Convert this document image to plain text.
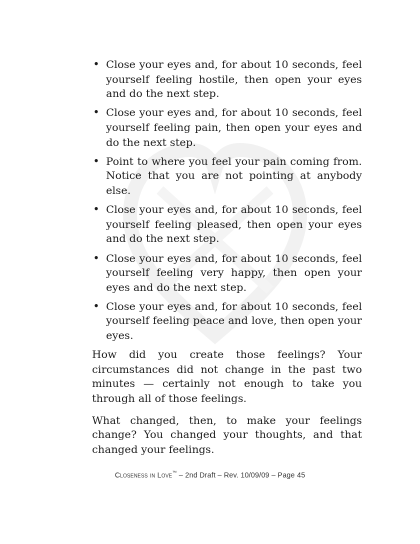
• Close your eyes and, for about 10 seconds, feel yourself feeling hostile, then open your eyes and do the next step.
• Close your eyes and, for about 10 seconds, feel yourself feeling pain, then open your eyes and do the next step.
• Point to where you feel your pain coming from. Notice that you are not pointing at anybody else.
• Close your eyes and, for about 10 seconds, feel yourself feeling pleased, then open your eyes and do the next step.
• Close your eyes and, for about 10 seconds, feel yourself feeling very happy, then open your eyes and do the next step.
• Close your eyes and, for about 10 seconds, feel yourself feeling peace and love, then open your eyes.

How did you create those feelings? Your circumstances did not change in the past two minutes — certainly not enough to take you through all of those feelings.

What changed, then, to make your feelings change? You changed your thoughts, and that changed your feelings.

Closeness in Love™ – 2nd Draft – Rev. 10/09/09 – Page 45
